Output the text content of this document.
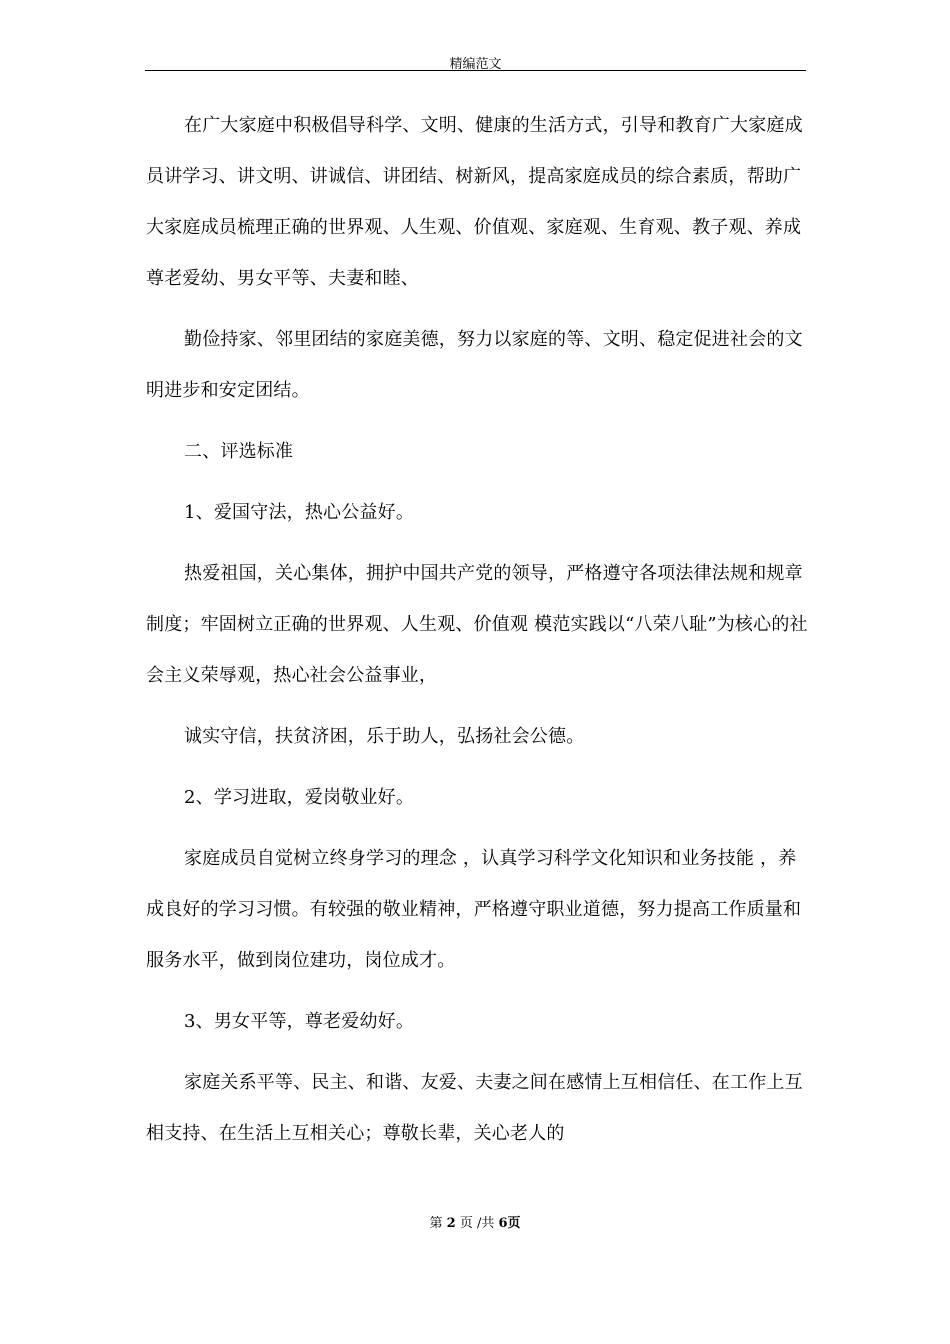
精编范文

在广大家庭中积极倡导科学、文明、健康的生活方式，引导和教育广大家庭成员讲学习、讲文明、讲诚信、讲团结、树新风，提高家庭成员的综合素质，帮助广大家庭成员梳理正确的世界观、人生观、价值观、家庭观、生育观、教子观、养成尊老爱幼、男女平等、夫妻和睦、

勤俭持家、邻里团结的家庭美德，努力以家庭的等、文明、稳定促进社会的文明进步和安定团结。

二、评选标准

1、爱国守法，热心公益好。

热爱祖国，关心集体，拥护中国共产党的领导，严格遵守各项法律法规和规章制度；牢固树立正确的世界观、人生观、价值观 模范实践以“八荣八耻”为核心的社会主义荣辱观，热心社会公益事业，

诚实守信，扶贫济困，乐于助人，弘扬社会公德。

2、学习进取，爱岗敬业好。

家庭成员自觉树立终身学习的理念 ，认真学习科学文化知识和业务技能 ，养成良好的学习习惯。有较强的敬业精神，严格遵守职业道德，努力提高工作质量和服务水平，做到岗位建功，岗位成才。

3、男女平等，尊老爱幼好。

家庭关系平等、民主、和谐、友爱、夫妻之间在感情上互相信任、在工作上互相支持、在生活上互相关心；尊敬长辈，关心老人的

第 2 页 /共 6页
